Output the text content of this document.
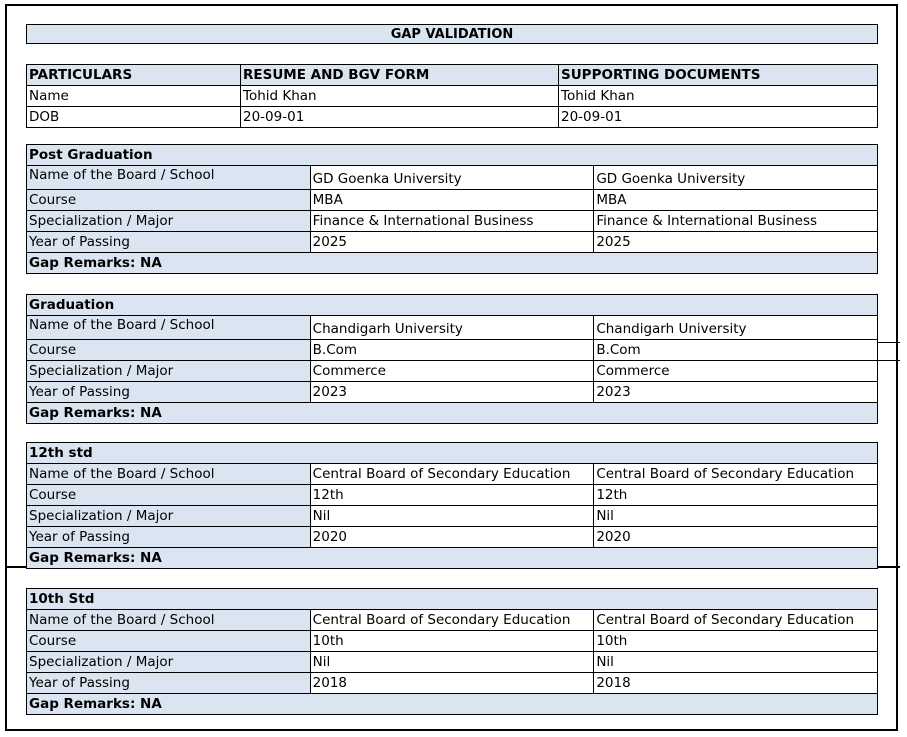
GAP VALIDATION
PARTICULARS	RESUME AND BGV FORM	SUPPORTING DOCUMENTS
Name	Tohid Khan	Tohid Khan
DOB	20-09-01	20-09-01
Post Graduation		
Name of the Board / School	GD Goenka University	GD Goenka University
Course	MBA	MBA
Specialization / Major	Finance & International Business	Finance & International Business
Year of Passing	2025	2025
Gap Remarks: NA		
Graduation		
Name of the Board / School	Chandigarh University	Chandigarh University
Course	B.Com	B.Com
Specialization / Major	Commerce	Commerce
Year of Passing	2023	2023
Gap Remarks: NA		
12th std		
Name of the Board / School	Central Board of Secondary Education	Central Board of Secondary Education
Course	12th	12th
Specialization / Major	Nil	Nil
Year of Passing	2020	2020
Gap Remarks: NA		
10th Std		
Name of the Board / School	Central Board of Secondary Education	Central Board of Secondary Education
Course	10th	10th
Specialization / Major	Nil	Nil
Year of Passing	2018	2018
Gap Remarks: NA		
